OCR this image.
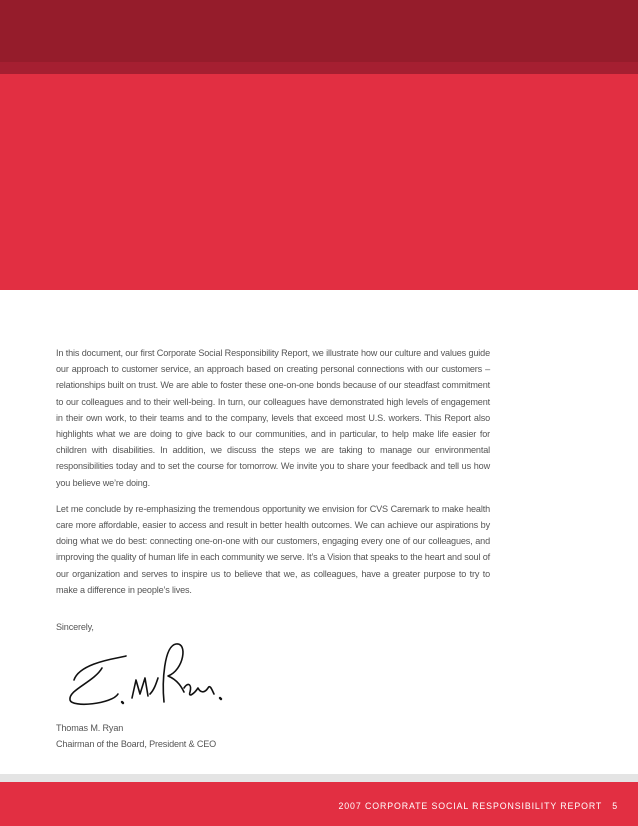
In this document, our first Corporate Social Responsibility Report, we illustrate how our culture and values guide our approach to customer service, an approach based on creating personal connections with our customers – relationships built on trust. We are able to foster these one-on-one bonds because of our steadfast commitment to our colleagues and to their well-being. In turn, our colleagues have demonstrated high levels of engagement in their own work, to their teams and to the company, levels that exceed most U.S. workers. This Report also highlights what we are doing to give back to our communities, and in particular, to help make life easier for children with disabilities. In addition, we discuss the steps we are taking to manage our environmental responsibilities today and to set the course for tomorrow. We invite you to share your feedback and tell us how you believe we’re doing.

Let me conclude by re-emphasizing the tremendous opportunity we envision for CVS Caremark to make health care more affordable, easier to access and result in better health outcomes. We can achieve our aspirations by doing what we do best: connecting one-on-one with our customers, engaging every one of our colleagues, and improving the quality of human life in each community we serve. It’s a Vision that speaks to the heart and soul of our organization and serves to inspire us to believe that we, as colleagues, have a greater purpose to try to make a difference in people’s lives.

Sincerely,
Thomas M. Ryan
Chairman of the Board, President & CEO
2007 CORPORATE SOCIAL RESPONSIBILITY REPORT 5
